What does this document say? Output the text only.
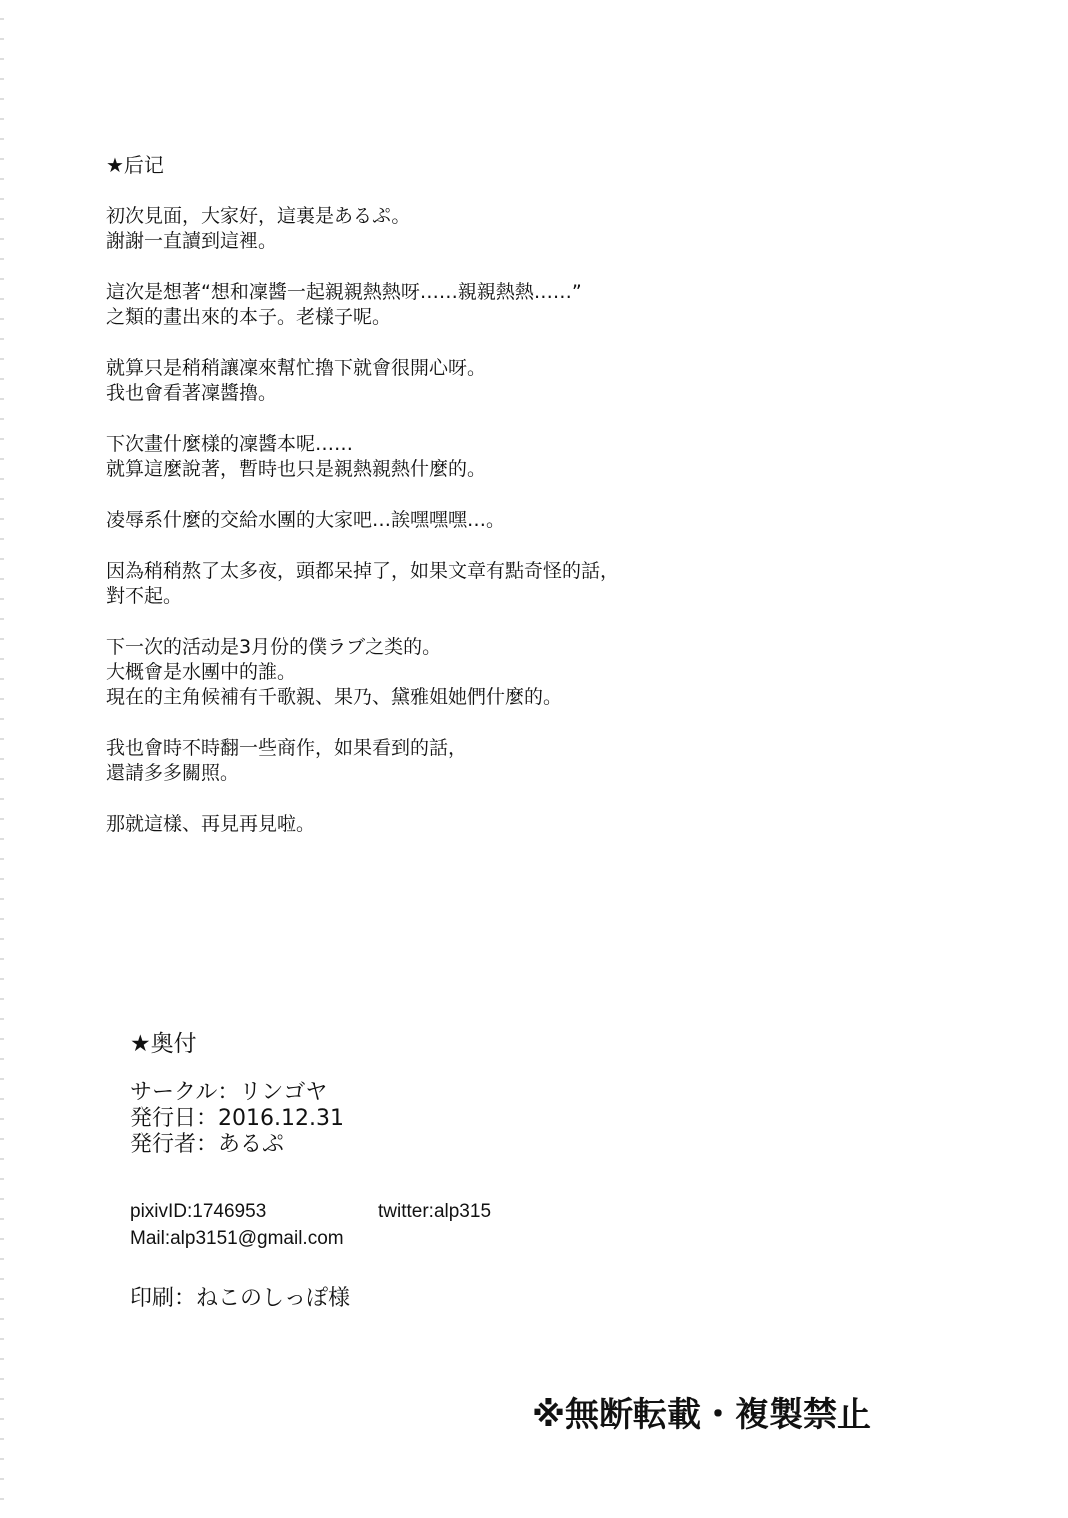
★后记
初次見面，大家好，這裏是あるぷ。
謝謝一直讀到這裡。
這次是想著“想和凜醬一起親親熱熱呀……親親熱熱……”
之類的畫出來的本子。老樣子呢。
就算只是稍稍讓凜來幫忙擼下就會很開心呀。
我也會看著凜醬擼。
下次畫什麼樣的凜醬本呢……
就算這麼說著，暫時也只是親熱親熱什麼的。
凌辱系什麼的交給水團的大家吧…誒嘿嘿嘿…。
因為稍稍熬了太多夜，頭都呆掉了，如果文章有點奇怪的話，
對不起。
下一次的活动是3月份的僕ラブ之类的。
大概會是水團中的誰。
現在的主角候補有千歌親、果乃、黛雅姐她們什麼的。
我也會時不時翻一些商作，如果看到的話，
還請多多關照。
那就這樣、再見再見啦。
★奥付
サークル：リンゴヤ
発行日：2016.12.31
発行者：あるぷ
pixivID:1746953	twitter:alp315
Mail:alp3151@gmail.com
印刷：ねこのしっぽ様
※無断転載・複製禁止
